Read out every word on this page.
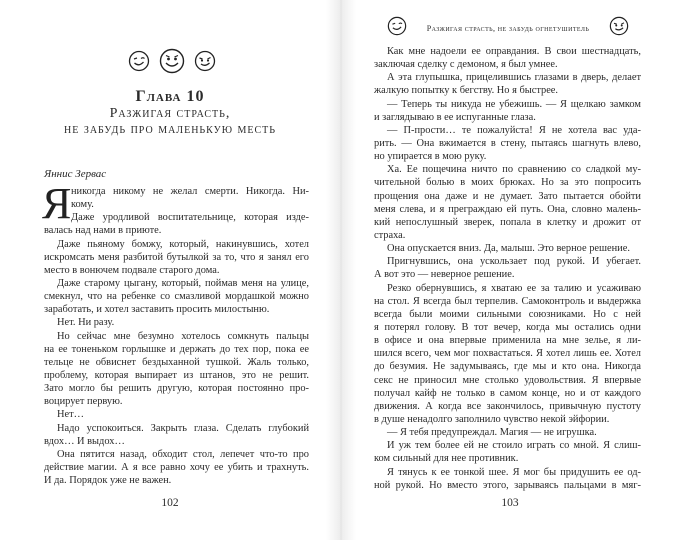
Глава 10
Разжигая страсть,
не забудь про маленькую месть
Яннис Зервас
Я никогда никому не желал смерти. Никогда. Ни-
кому.
Даже уродливой воспитательнице, которая изде-
валась над нами в приюте.
Даже пьяному бомжу, который, накинувшись, хотел
искромсать меня разбитой бутылкой за то, что я занял его
место в вонючем подвале старого дома.
Даже старому цыгану, который, поймав меня на улице,
смекнул, что на ребенке со смазливой мордашкой можно
заработать, и хотел заставить просить милостыню.
Нет. Ни разу.
Но сейчас мне безумно хотелось сомкнуть пальцы
на ее тоненьком горлышке и держать до тех пор, пока ее
тельце не обвиснет бездыханной тушкой. Жаль только,
проблему, которая выпирает из штанов, это не решит.
Зато могло бы решить другую, которая постоянно про-
воцирует первую.
Нет…
Надо успокоиться. Закрыть глаза. Сделать глубокий
вдох… И выдох…
Она пятится назад, обходит стол, лепечет что-то про
действие магии. А я все равно хочу ее убить и трахнуть.
И да. Порядок уже не важен.
102
Разжигая страсть, не забудь огнетушитель
Как мне надоели ее оправдания. В свои шестнадцать,
заключая сделку с демоном, я был умнее.
А эта глупышка, прицелившись глазами в дверь, делает
жалкую попытку к бегству. Но я быстрее.
— Теперь ты никуда не убежишь. — Я щелкаю замком
и заглядываю в ее испуганные глаза.
— П-прости… те пожалуйста! Я не хотела вас уда-
рить. — Она вжимается в стену, пытаясь шагнуть влево,
но упирается в мою руку.
Ха. Ее пощечина ничто по сравнению со сладкой му-
чительной болью в моих брюках. Но за это попросить
прощения она даже и не думает. Зато пытается обойти
меня слева, и я преграждаю ей путь. Она, словно малень-
кий непослушный зверек, попала в клетку и дрожит от
страха.
Она опускается вниз. Да, малыш. Это верное решение.
Пригнувшись, она ускользает под рукой. И убегает.
А вот это — неверное решение.
Резко обернувшись, я хватаю ее за талию и усаживаю
на стол. Я всегда был терпелив. Самоконтроль и выдержка
всегда были моими сильными союзниками. Но с ней
я потерял голову. В тот вечер, когда мы остались одни
в офисе и она впервые применила на мне зелье, я ли-
шился всего, чем мог похвастаться. Я хотел лишь ее. Хотел
до безумия. Не задумываясь, где мы и кто она. Никогда
секс не приносил мне столько удовольствия. Я впервые
получал кайф не только в самом конце, но и от каждого
движения. А когда все закончилось, привычную пустоту
в душе ненадолго заполнило чувство некой эйфории.
— Я тебя предупреждал. Магия — не игрушка.
И уж тем более ей не стоило играть со мной. Я слиш-
ком сильный для нее противник.
Я тянусь к ее тонкой шее. Я мог бы придушить ее од-
ной рукой. Но вместо этого, зарываясь пальцами в мяг-
103
